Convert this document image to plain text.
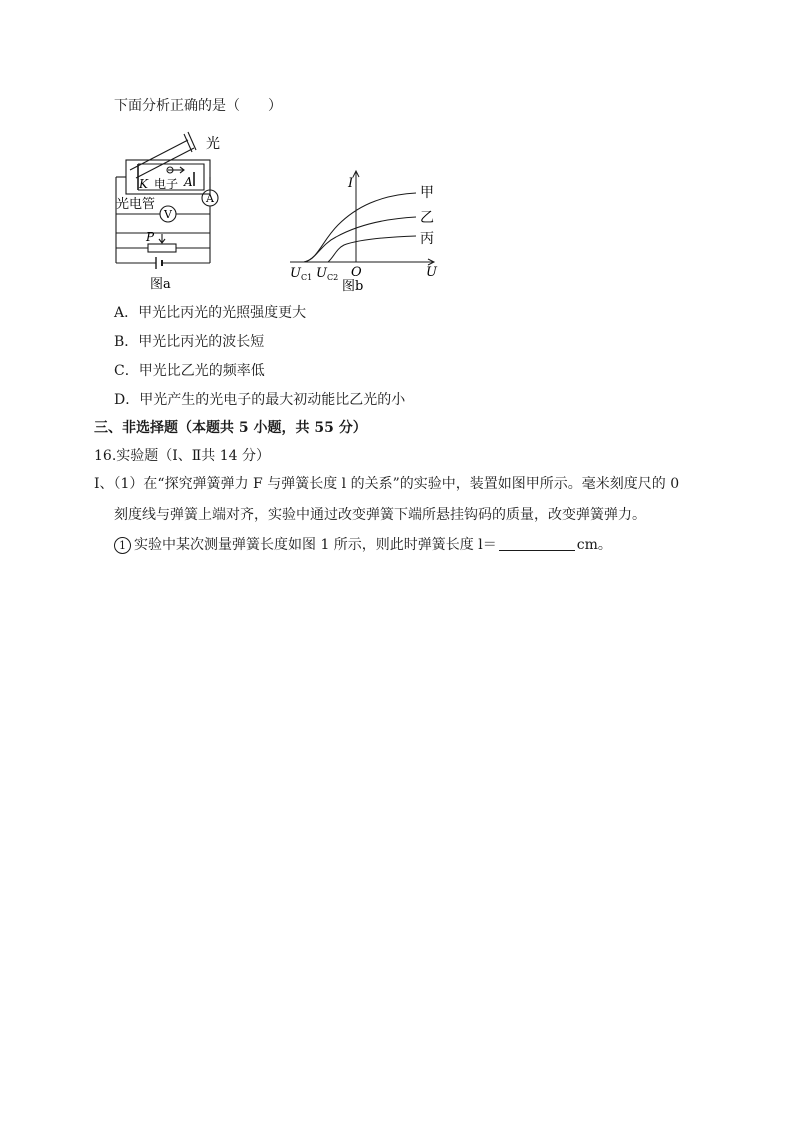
下面分析正确的是（　　）
光
K 电子 A
光电管	A
V
P
图a
I
甲
乙
丙
$U_{C1}$ $U_{C2}$ O	U
图b
A．甲光比丙光的光照强度更大
B．甲光比丙光的波长短
C．甲光比乙光的频率低
D．甲光产生的光电子的最大初动能比乙光的小
三、非选择题（本题共 5 小题，共 55 分）
16.实验题（Ⅰ、Ⅱ共 14 分）
Ⅰ、（1）在“探究弹簧弹力 F 与弹簧长度 l 的关系”的实验中，装置如图甲所示。毫米刻度尺的 0
刻度线与弹簧上端对齐，实验中通过改变弹簧下端所悬挂钩码的质量，改变弹簧弹力。
1 实验中某次测量弹簧长度如图 1 所示，则此时弹簧长度 l＝	cm。
